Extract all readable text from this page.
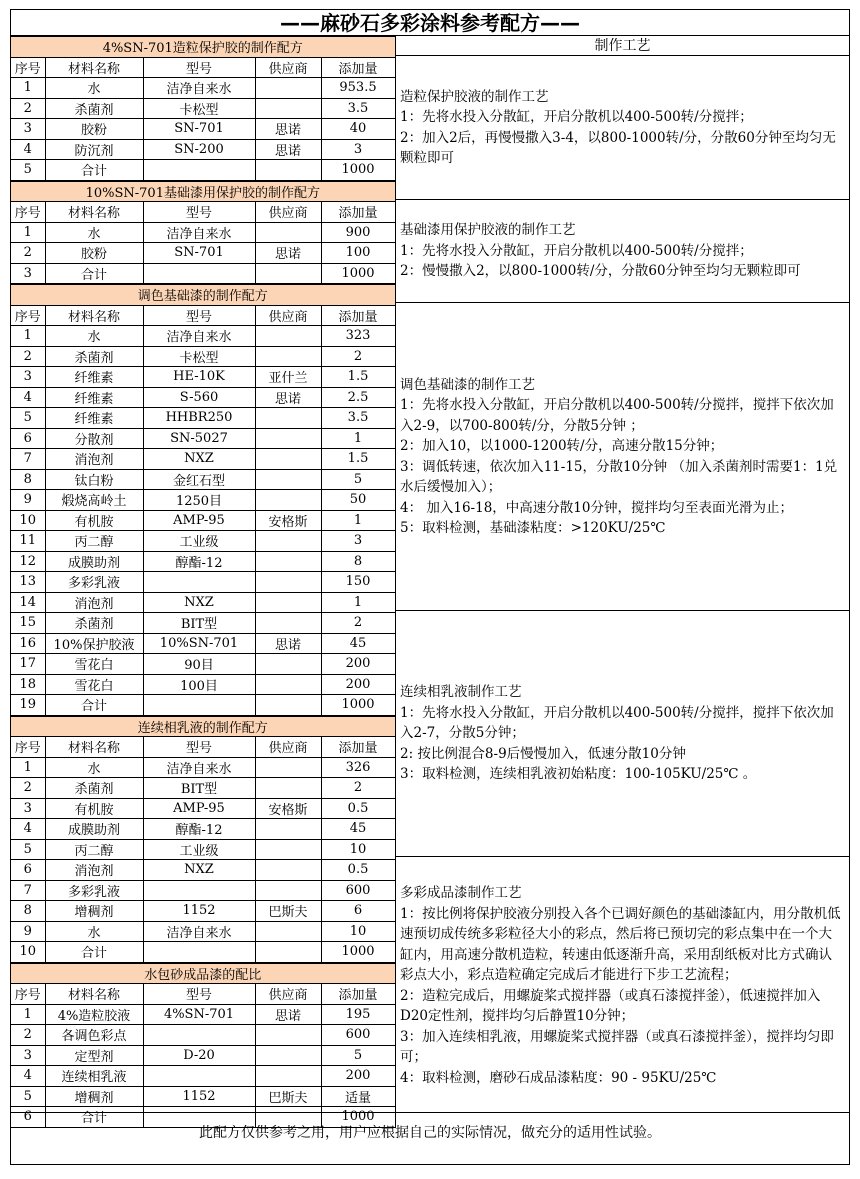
——麻砂石多彩涂料参考配方——
4%SN-701造粒保护胶的制作配方				
序号	材料名称	型号	供应商	添加量
1	水	洁净自来水		953.5
2	杀菌剂	卡松型		3.5
3	胶粉	SN-701	思诺	40
4	防沉剂	SN-200	思诺	3
5	合计			1000
10%SN-701基础漆用保护胶的制作配方				
序号	材料名称	型号	供应商	添加量
1	水	洁净自来水		900
2	胶粉	SN-701	思诺	100
3	合计			1000
调色基础漆的制作配方				
序号	材料名称	型号	供应商	添加量
1	水	洁净自来水		323
2	杀菌剂	卡松型		2
3	纤维素	HE-10K	亚什兰	1.5
4	纤维素	S-560	思诺	2.5
5	纤维素	HHBR250		3.5
6	分散剂	SN-5027		1
7	消泡剂	NXZ		1.5
8	钛白粉	金红石型		5
9	煅烧高岭土	1250目		50
10	有机胺	AMP-95	安格斯	1
11	丙二醇	工业级		3
12	成膜助剂	醇酯-12		8
13	多彩乳液			150
14	消泡剂	NXZ		1
15	杀菌剂	BIT型		2
16	10%保护胶液	10%SN-701	思诺	45
17	雪花白	90目		200
18	雪花白	100目		200
19	合计			1000
连续相乳液的制作配方				
序号	材料名称	型号	供应商	添加量
1	水	洁净自来水		326
2	杀菌剂	BIT型		2
3	有机胺	AMP-95	安格斯	0.5
4	成膜助剂	醇酯-12		45
5	丙二醇	工业级		10
6	消泡剂	NXZ		0.5
7	多彩乳液			600
8	增稠剂	1152	巴斯夫	6
9	水	洁净自来水		10
10	合计			1000
水包砂成品漆的配比				
序号	材料名称	型号	供应商	添加量
1	4%造粒胶液	4%SN-701	思诺	195
2	各调色彩点			600
3	定型剂	D-20		5
4	连续相乳液			200
5	增稠剂	1152	巴斯夫	适量
6	合计			1000
制作工艺
造粒保护胶液的制作工艺
1：先将水投入分散缸，开启分散机以400-500转/分搅拌；
2：加入2后，再慢慢撒入3-4，以800-1000转/分，分散60分钟至均匀无颗粒即可
基础漆用保护胶液的制作工艺
1：先将水投入分散缸，开启分散机以400-500转/分搅拌；
2：慢慢撒入2，以800-1000转/分，分散60分钟至均匀无颗粒即可
调色基础漆的制作工艺
1：先将水投入分散缸，开启分散机以400-500转/分搅拌，搅拌下依次加入2-9，以700-800转/分，分散5分钟 ；
2：加入10，以1000-1200转/分，高速分散15分钟；
3：调低转速，依次加入11-15，分散10分钟 （加入杀菌剂时需要1：1兑水后缓慢加入）；
4： 加入16-18，中高速分散10分钟，搅拌均匀至表面光滑为止；
5：取料检测，基础漆粘度：>120KU/25℃
连续相乳液制作工艺
1：先将水投入分散缸，开启分散机以400-500转/分搅拌，搅拌下依次加入2-7，分散5分钟；
2: 按比例混合8-9后慢慢加入，低速分散10分钟
3：取料检测，连续相乳液初始粘度：100-105KU/25℃ 。
多彩成品漆制作工艺
1：按比例将保护胶液分别投入各个已调好颜色的基础漆缸内，用分散机低速预切成传统多彩粒径大小的彩点，然后将已预切完的彩点集中在一个大缸内，用高速分散机造粒，转速由低逐渐升高，采用刮纸板对比方式确认彩点大小，彩点造粒确定完成后才能进行下步工艺流程；
2：造粒完成后，用螺旋桨式搅拌器（或真石漆搅拌釜），低速搅拌加入D20定性剂，搅拌均匀后静置10分钟；
3：加入连续相乳液，用螺旋桨式搅拌器（或真石漆搅拌釜），搅拌均匀即可；
4：取料检测，磨砂石成品漆粘度：90 - 95KU/25℃
此配方仅供参考之用，用户应根据自己的实际情况，做充分的适用性试验。
